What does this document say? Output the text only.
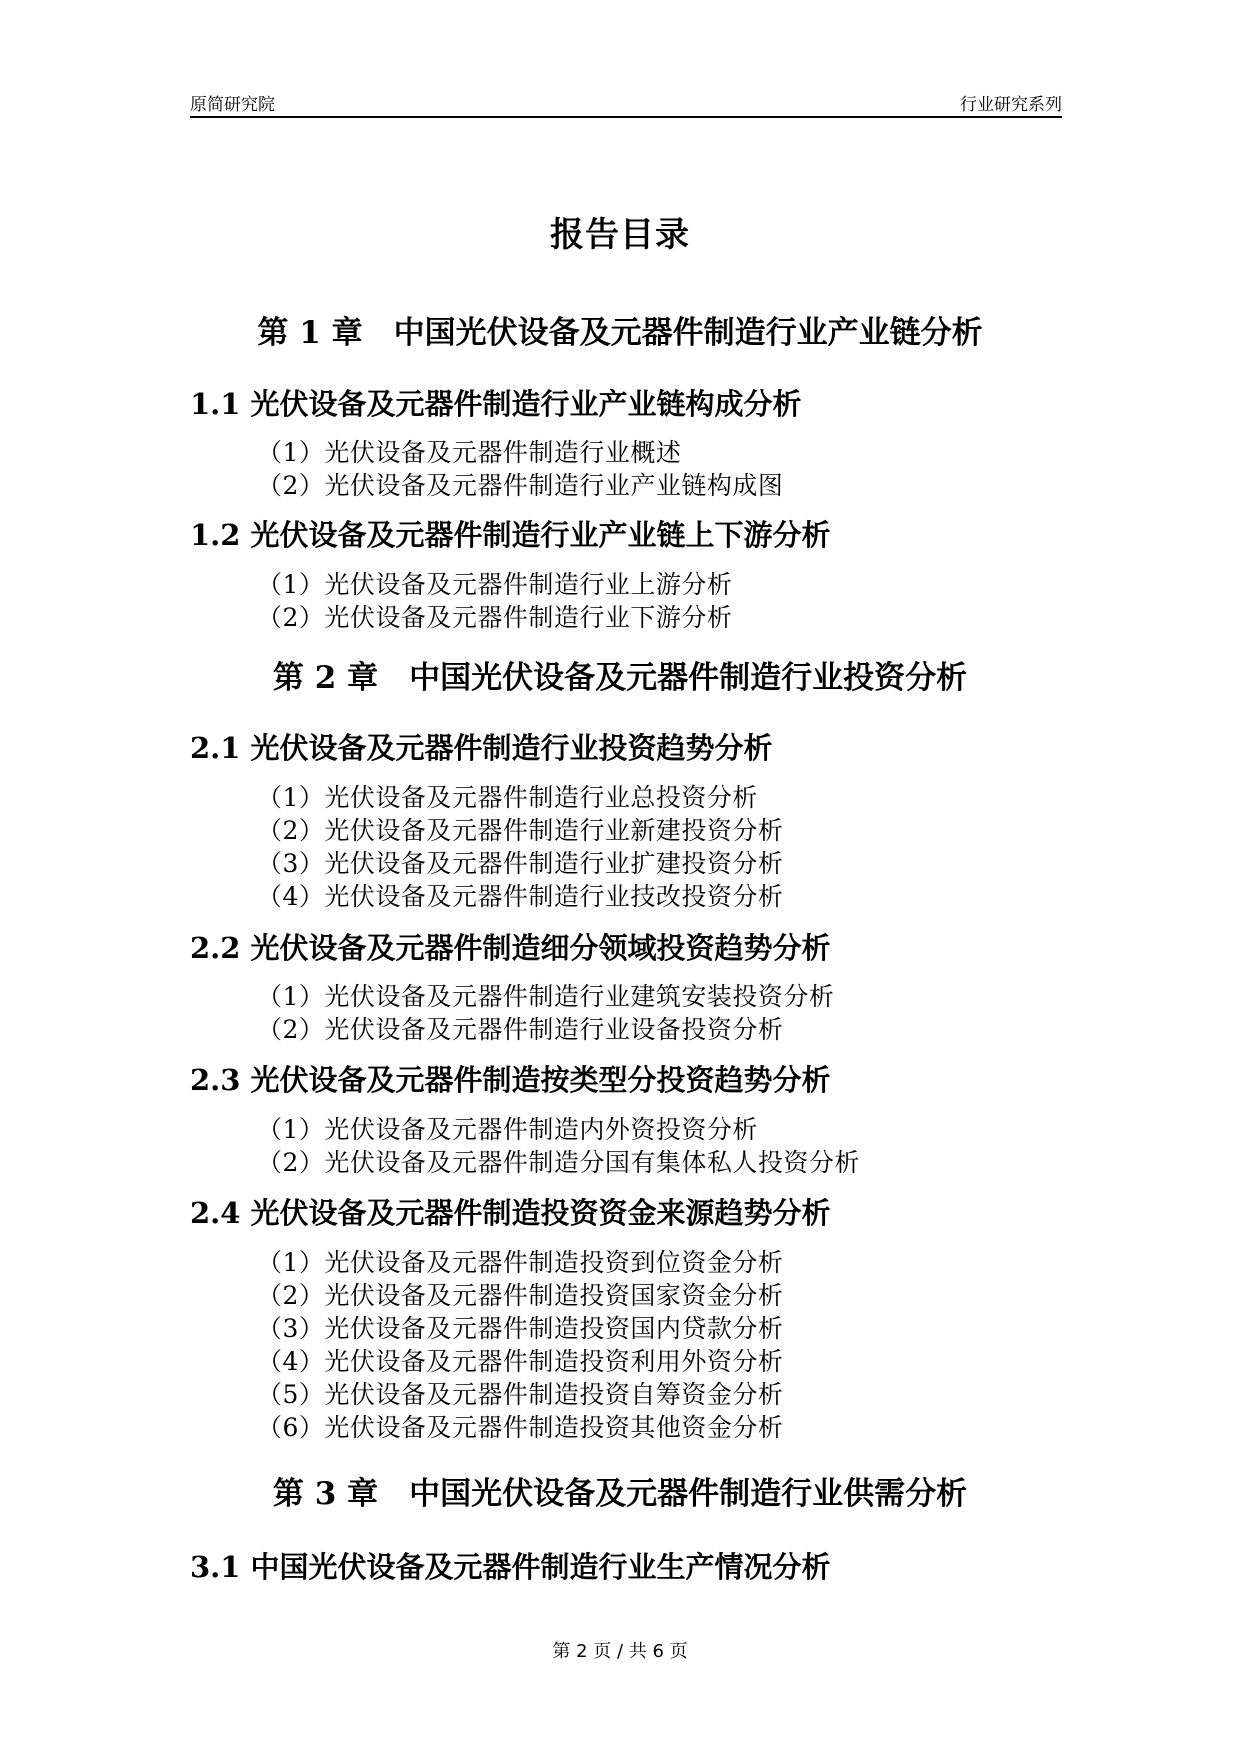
原简研究院	行业研究系列
报告目录
第 1 章　中国光伏设备及元器件制造行业产业链分析
1.1 光伏设备及元器件制造行业产业链构成分析
（1）光伏设备及元器件制造行业概述
（2）光伏设备及元器件制造行业产业链构成图
1.2 光伏设备及元器件制造行业产业链上下游分析
（1）光伏设备及元器件制造行业上游分析
（2）光伏设备及元器件制造行业下游分析
第 2 章　中国光伏设备及元器件制造行业投资分析
2.1 光伏设备及元器件制造行业投资趋势分析
（1）光伏设备及元器件制造行业总投资分析
（2）光伏设备及元器件制造行业新建投资分析
（3）光伏设备及元器件制造行业扩建投资分析
（4）光伏设备及元器件制造行业技改投资分析
2.2 光伏设备及元器件制造细分领域投资趋势分析
（1）光伏设备及元器件制造行业建筑安装投资分析
（2）光伏设备及元器件制造行业设备投资分析
2.3 光伏设备及元器件制造按类型分投资趋势分析
（1）光伏设备及元器件制造内外资投资分析
（2）光伏设备及元器件制造分国有集体私人投资分析
2.4 光伏设备及元器件制造投资资金来源趋势分析
（1）光伏设备及元器件制造投资到位资金分析
（2）光伏设备及元器件制造投资国家资金分析
（3）光伏设备及元器件制造投资国内贷款分析
（4）光伏设备及元器件制造投资利用外资分析
（5）光伏设备及元器件制造投资自筹资金分析
（6）光伏设备及元器件制造投资其他资金分析
第 3 章　中国光伏设备及元器件制造行业供需分析
3.1 中国光伏设备及元器件制造行业生产情况分析
第 2 页 / 共 6 页
